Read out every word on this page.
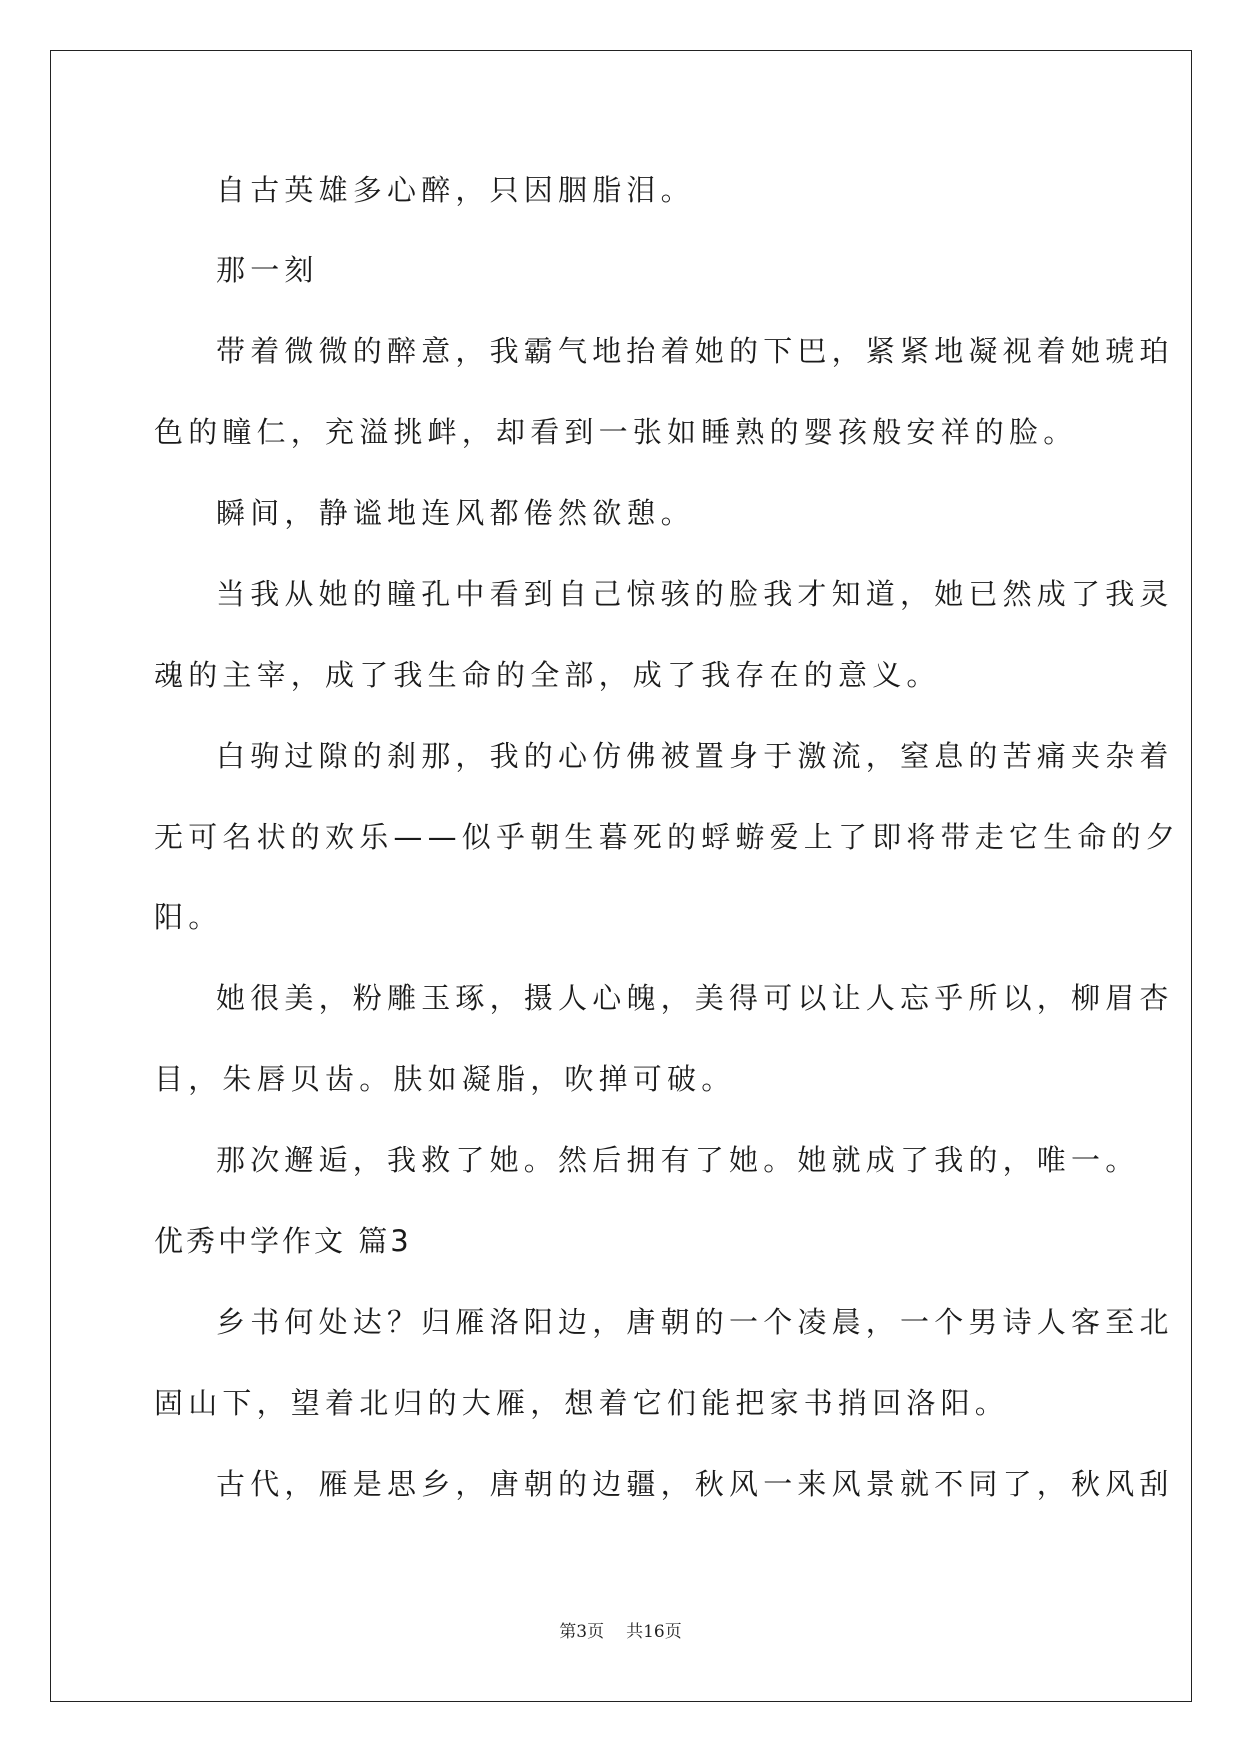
自古英雄多心醉，只因胭脂泪。
那一刻
带着微微的醉意，我霸气地抬着她的下巴，紧紧地凝视着她琥珀
色的瞳仁，充溢挑衅，却看到一张如睡熟的婴孩般安祥的脸。
瞬间，静谧地连风都倦然欲憩。
当我从她的瞳孔中看到自己惊骇的脸我才知道，她已然成了我灵
魂的主宰，成了我生命的全部，成了我存在的意义。
白驹过隙的刹那，我的心仿佛被置身于激流，窒息的苦痛夹杂着
无可名状的欢乐——似乎朝生暮死的蜉蝣爱上了即将带走它生命的夕
阳。
她很美，粉雕玉琢，摄人心魄，美得可以让人忘乎所以，柳眉杏
目，朱唇贝齿。肤如凝脂，吹掸可破。
那次邂逅，我救了她。然后拥有了她。她就成了我的，唯一。
优秀中学作文 篇3
乡书何处达？归雁洛阳边，唐朝的一个凌晨，一个男诗人客至北
固山下，望着北归的大雁，想着它们能把家书捎回洛阳。
古代，雁是思乡，唐朝的边疆，秋风一来风景就不同了，秋风刮
第3页 共16页
